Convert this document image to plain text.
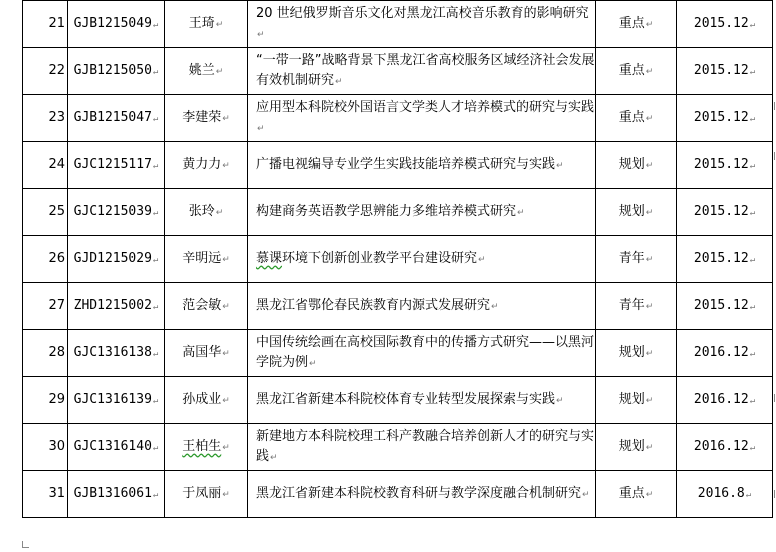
21	GJB1215049↵	王琦↵	20 世纪俄罗斯音乐文化对黑龙江高校音乐教育的影响研究↵	重点↵	2015.12↵
22	GJB1215050↵	姚兰↵	“一带一路”战略背景下黑龙江省高校服务区域经济社会发展有效机制研究↵	重点↵	2015.12↵
23	GJB1215047↵	李建荣↵	应用型本科院校外国语言文学类人才培养模式的研究与实践↵	重点↵	2015.12↵
24	GJC1215117↵	黄力力↵	广播电视编导专业学生实践技能培养模式研究与实践↵	规划↵	2015.12↵
25	GJC1215039↵	张玲↵	构建商务英语教学思辨能力多维培养模式研究↵	规划↵	2015.12↵
26	GJD1215029↵	辛明远↵	慕课环境下创新创业教学平台建设研究↵	青年↵	2015.12↵
27	ZHD1215002↵	范会敏↵	黑龙江省鄂伦春民族教育内源式发展研究↵	青年↵	2015.12↵
28	GJC1316138↵	高国华↵	中国传统绘画在高校国际教育中的传播方式研究——以黑河学院为例↵	规划↵	2016.12↵
29	GJC1316139↵	孙成业↵	黑龙江省新建本科院校体育专业转型发展探索与实践↵	规划↵	2016.12↵
30	GJC1316140↵	王柏生↵	新建地方本科院校理工科产教融合培养创新人才的研究与实践↵	规划↵	2016.12↵
31	GJB1316061↵	于凤丽↵	黑龙江省新建本科院校教育科研与教学深度融合机制研究↵	重点↵	2016.8↵
